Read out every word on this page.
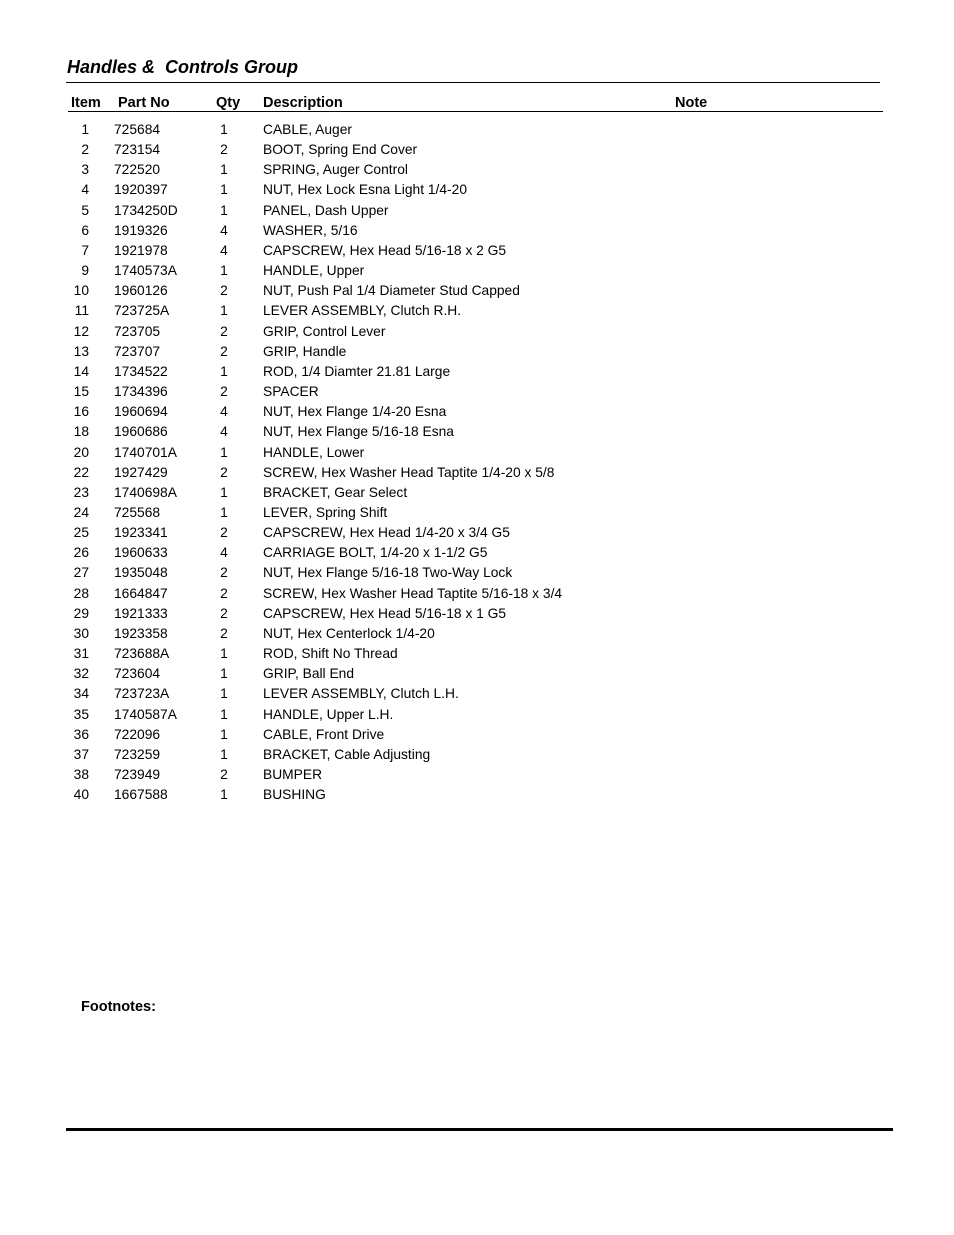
Handles &  Controls Group
Item Part No	Qty Description	Note
1 725684	1	CABLE, Auger
2 723154	2	BOOT, Spring End Cover
3 722520	1	SPRING, Auger Control
4 1920397	1	NUT, Hex Lock Esna Light 1/4-20
5 1734250D	1	PANEL, Dash Upper
6 1919326	4	WASHER, 5/16
7 1921978	4	CAPSCREW, Hex Head 5/16-18 x 2 G5
9 1740573A	1	HANDLE, Upper
10 1960126	2	NUT, Push Pal 1/4 Diameter Stud Capped
11 723725A	1	LEVER ASSEMBLY, Clutch R.H.
12 723705	2	GRIP, Control Lever
13 723707	2	GRIP, Handle
14 1734522	1	ROD, 1/4 Diamter 21.81 Large
15 1734396	2	SPACER
16 1960694	4	NUT, Hex Flange 1/4-20 Esna
18 1960686	4	NUT, Hex Flange 5/16-18 Esna
20 1740701A	1	HANDLE, Lower
22 1927429	2	SCREW, Hex Washer Head Taptite 1/4-20 x 5/8
23 1740698A	1	BRACKET, Gear Select
24 725568	1	LEVER, Spring Shift
25 1923341	2	CAPSCREW, Hex Head 1/4-20 x 3/4 G5
26 1960633	4	CARRIAGE BOLT, 1/4-20 x 1-1/2 G5
27 1935048	2	NUT, Hex Flange 5/16-18 Two-Way Lock
28 1664847	2	SCREW, Hex Washer Head Taptite 5/16-18 x 3/4
29 1921333	2	CAPSCREW, Hex Head 5/16-18 x 1 G5
30 1923358	2	NUT, Hex Centerlock 1/4-20
31 723688A	1	ROD, Shift No Thread
32 723604	1	GRIP, Ball End
34 723723A	1	LEVER ASSEMBLY, Clutch L.H.
35 1740587A	1	HANDLE, Upper L.H.
36 722096	1	CABLE, Front Drive
37 723259	1	BRACKET, Cable Adjusting
38 723949	2	BUMPER
40 1667588	1	BUSHING
Footnotes:
